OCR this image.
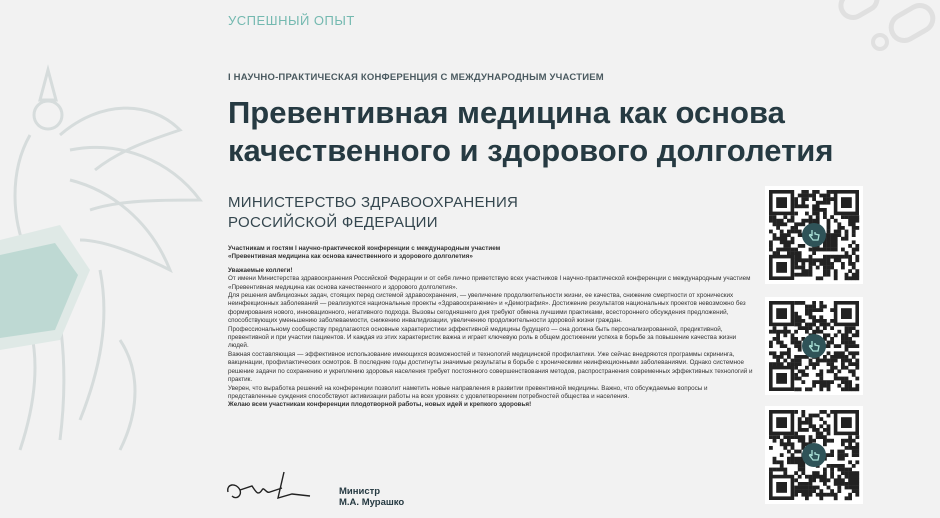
УСПЕШНЫЙ ОПЫТ
I НАУЧНО-ПРАКТИЧЕСКАЯ КОНФЕРЕНЦИЯ С МЕЖДУНАРОДНЫМ УЧАСТИЕМ
Превентивная медицина как основа
качественного и здорового долголетия
МИНИСТЕРСТВО ЗДРАВООХРАНЕНИЯ
РОССИЙСКОЙ ФЕДЕРАЦИИ

Участникам и гостям I научно-практической конференции с международным участием

«Превентивная медицина как основа качественного и здорового долголетия»

Уважаемые коллеги!

От имени Министерства здравоохранения Российской Федерации и от себя лично приветствую всех участников I научно-практической конференции с международным участием «Превентивная медицина как основа качественного и здорового долголетия».

Для решения амбициозных задач, стоящих перед системой здравоохранения, — увеличение продолжительности жизни, ее качества, снижение смертности от хронических неинфекционных заболеваний — реализуются национальные проекты «Здравоохранение» и «Демография». Достижение результатов национальных проектов невозможно без формирования нового, инновационного, негативного подхода. Вызовы сегодняшнего дня требуют обмена лучшими практиками, всестороннего обсуждения предложений, способствующих уменьшению заболеваемости, снижению инвалидизации, увеличению продолжительности здоровой жизни граждан.

Профессиональному сообществу предлагаются основные характеристики эффективной медицины будущего — она должна быть персонализированной, предиктивной, превентивной и при участии пациентов. И каждая из этих характеристик важна и играет ключевую роль в общем достижении успеха в борьбе за повышение качества жизни людей.

Важная составляющая — эффективное использование имеющихся возможностей и технологий медицинской профилактики. Уже сейчас внедряются программы скрининга, вакцинации, профилактических осмотров. В последние годы достигнуты значимые результаты в борьбе с хроническими неинфекционными заболеваниями. Однако системное решение задачи по сохранению и укреплению здоровья населения требует постоянного совершенствования методов, распространения современных эффективных технологий и практик.

Уверен, что выработка решений на конференции позволит наметить новые направления в развитии превентивной медицины. Важно, что обсуждаемые вопросы и представленные суждения способствуют активизации работы на всех уровнях с удовлетворением потребностей общества и населения.

Желаю всем участникам конференции плодотворной работы, новых идей и крепкого здоровья!

Министр
М.А. Мурашко
